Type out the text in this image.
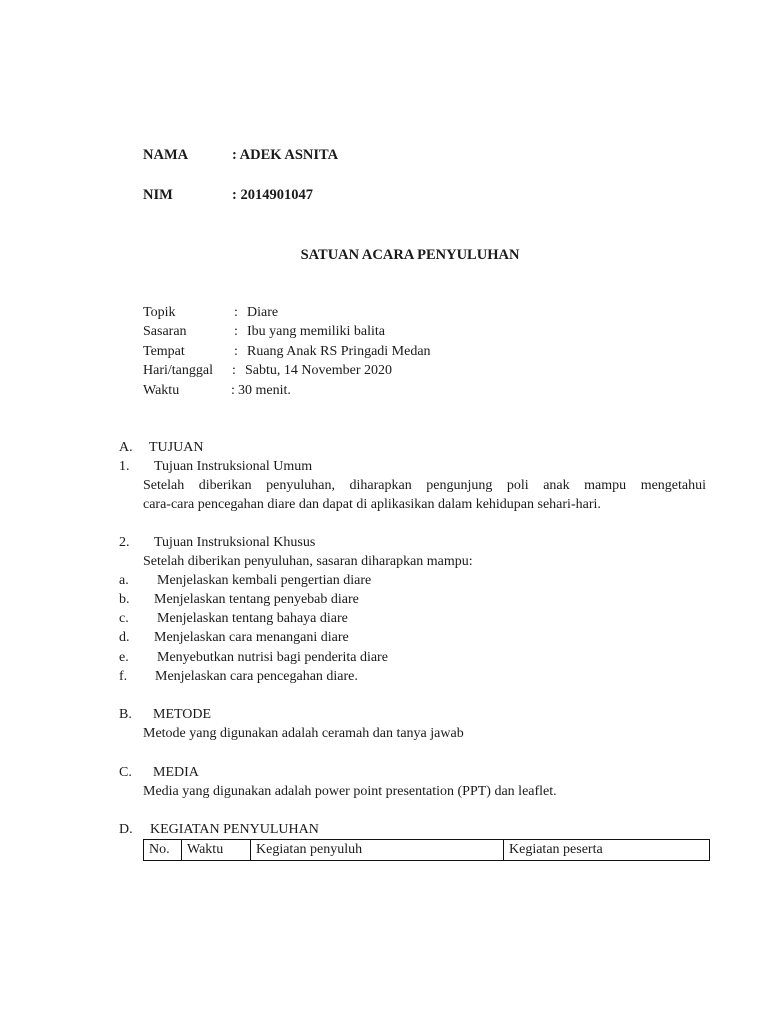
NAMA	: ADEK ASNITA
NIM	: 2014901047
SATUAN ACARA PENYULUHAN
Topik	: Diare
Sasaran	: Ibu yang memiliki balita
Tempat	: Ruang Anak RS Pringadi Medan
Hari/tanggal : Sabtu, 14 November 2020
Waktu	: 30 menit.
A. TUJUAN
1. Tujuan Instruksional Umum
Setelah diberikan penyuluhan, diharapkan pengunjung poli anak mampu mengetahui
cara-cara pencegahan diare dan dapat di aplikasikan dalam kehidupan sehari-hari.
2. Tujuan Instruksional Khusus
Setelah diberikan penyuluhan, sasaran diharapkan mampu:
a. Menjelaskan kembali pengertian diare
b. Menjelaskan tentang penyebab diare
c. Menjelaskan tentang bahaya diare
d. Menjelaskan cara menangani diare
e. Menyebutkan nutrisi bagi penderita diare
f. Menjelaskan cara pencegahan diare.
B. METODE
Metode yang digunakan adalah ceramah dan tanya jawab
C. MEDIA
Media yang digunakan adalah power point presentation (PPT) dan leaflet.
D. KEGIATAN PENYULUHAN
No.	Waktu	Kegiatan penyuluh	Kegiatan peserta
